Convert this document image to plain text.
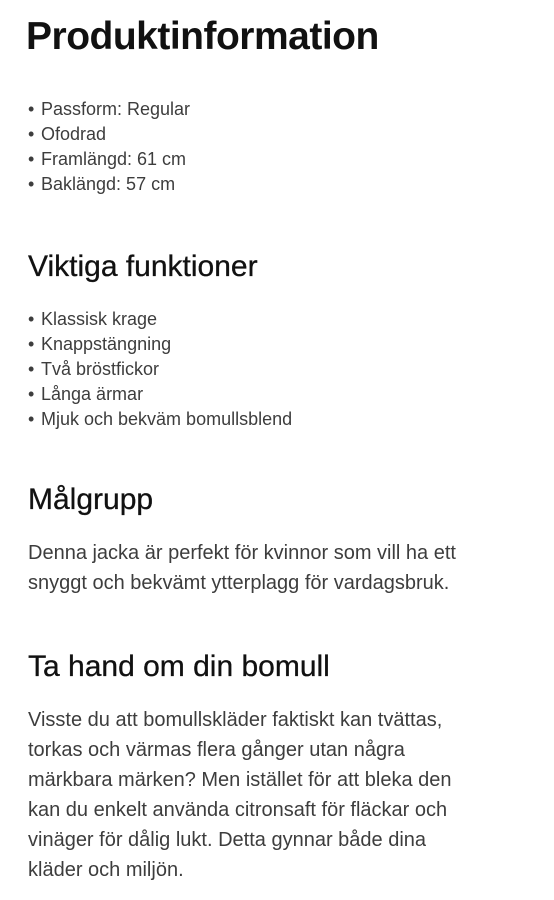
Produktinformation
• Passform: Regular
• Ofodrad
• Framlängd: 61 cm
• Baklängd: 57 cm
Viktiga funktioner
• Klassisk krage
• Knappstängning
• Två bröstfickor
• Långa ärmar
• Mjuk och bekväm bomullsblend
Målgrupp

Denna jacka är perfekt för kvinnor som vill ha ett
snyggt och bekvämt ytterplagg för vardagsbruk.

Ta hand om din bomull

Visste du att bomullskläder faktiskt kan tvättas,
torkas och värmas flera gånger utan några
märkbara märken? Men istället för att bleka den
kan du enkelt använda citronsaft för fläckar och
vinäger för dålig lukt. Detta gynnar både dina
kläder och miljön.
